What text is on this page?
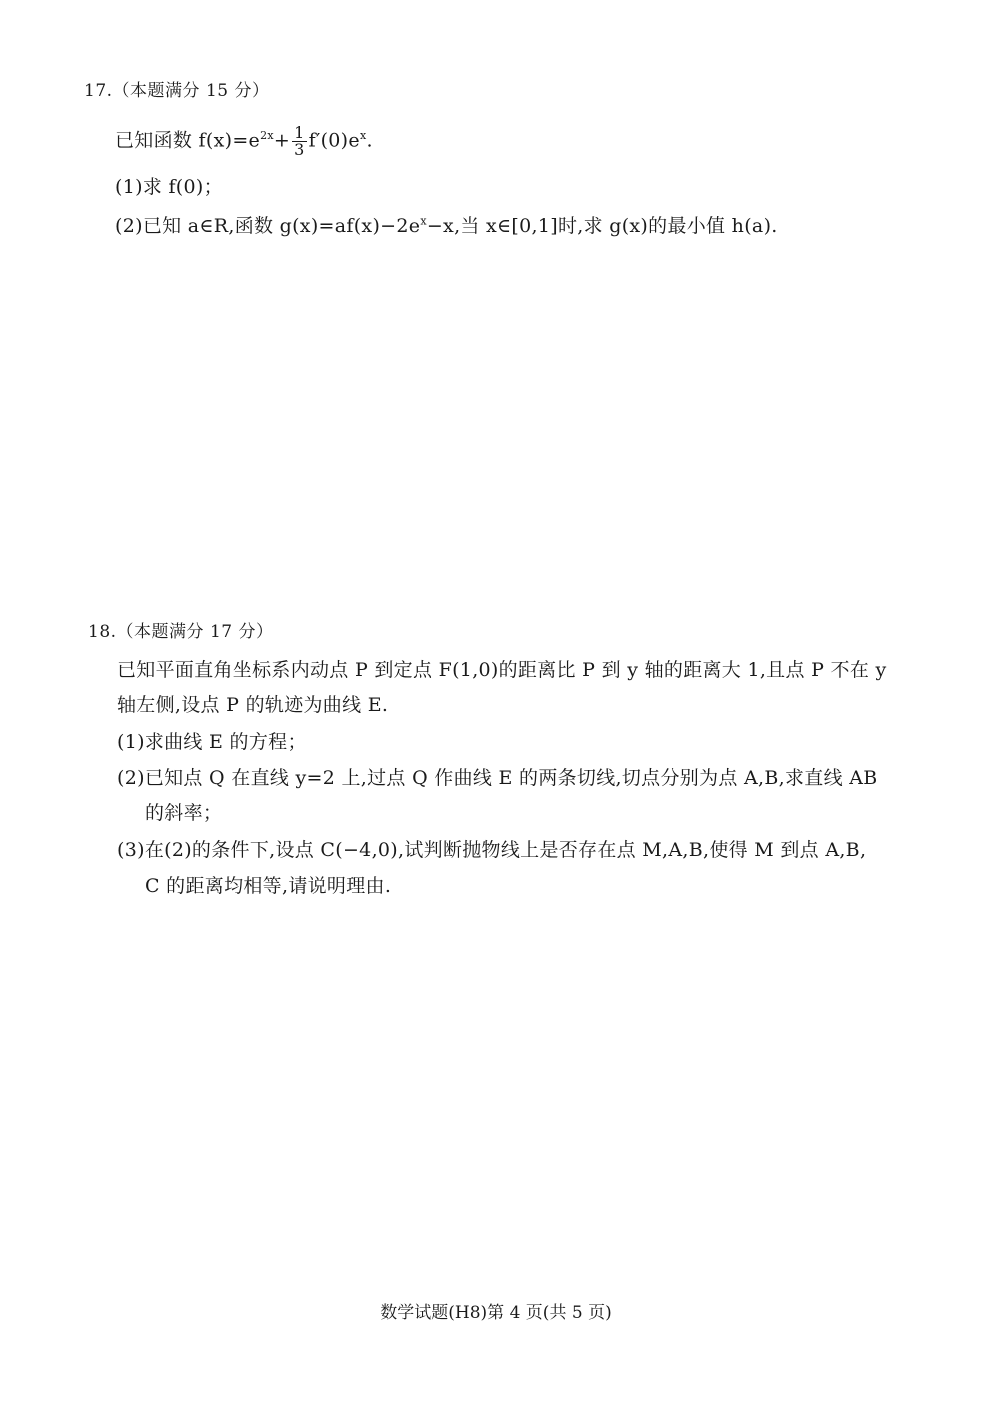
17.（本题满分 15 分）
已知函数 $f(x)=e^{2x}+ \frac{1}{3} f'(0)e^x$.
(1)求 f(0)；
(2)已知 a∈R,函数 $g(x)=af(x)-2e^x-x$,当 x∈[0,1]时,求 g(x)的最小值 h(a).
18.（本题满分 17 分）
已知平面直角坐标系内动点 P 到定点 F(1,0)的距离比 P 到 y 轴的距离大 1,且点 P 不在 y
轴左侧,设点 P 的轨迹为曲线 E.
(1)求曲线 E 的方程；
(2)已知点 Q 在直线 y=2 上,过点 Q 作曲线 E 的两条切线,切点分别为点 A,B,求直线 AB
的斜率；
(3)在(2)的条件下,设点 C(−4,0),试判断抛物线上是否存在点 M,A,B,使得 M 到点 A,B,
C 的距离均相等,请说明理由.
数学试题(H8)第 4 页(共 5 页)
